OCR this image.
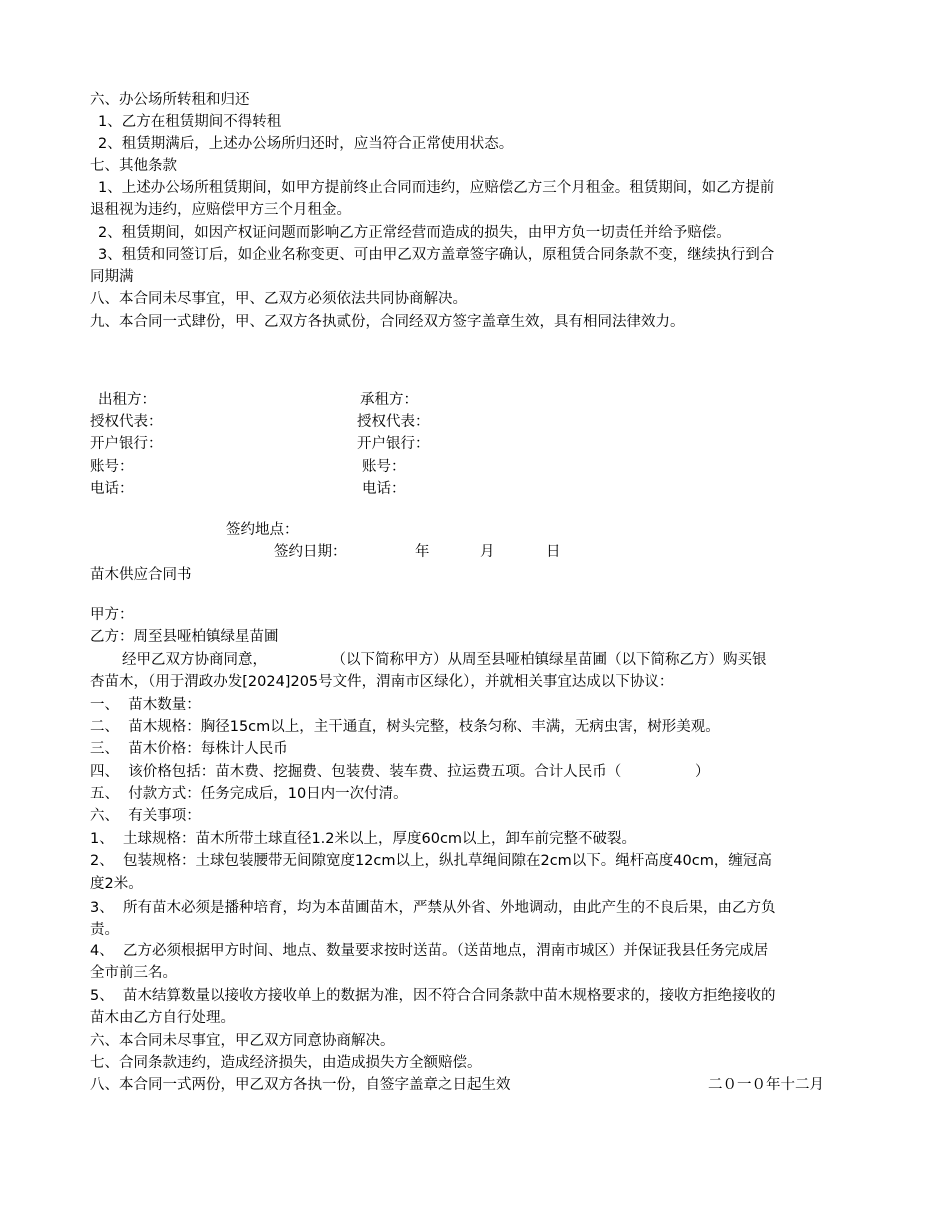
六、办公场所转租和归还
1、乙方在租赁期间不得转租
2、租赁期满后，上述办公场所归还时，应当符合正常使用状态。
七、其他条款
1、上述办公场所租赁期间，如甲方提前终止合同而违约，应赔偿乙方三个月租金。租赁期间，如乙方提前
退租视为违约，应赔偿甲方三个月租金。
2、租赁期间，如因产权证问题而影响乙方正常经营而造成的损失，由甲方负一切责任并给予赔偿。
3、租赁和同签订后，如企业名称变更、可由甲乙双方盖章签字确认，原租赁合同条款不变，继续执行到合
同期满
八、本合同未尽事宜，甲、乙双方必须依法共同协商解决。
九、本合同一式肆份，甲、乙双方各执贰份，合同经双方签字盖章生效，具有相同法律效力。
出租方：	承租方：
授权代表：	授权代表：
开户银行：	开户银行：
账号：	账号：
电话：	电话：
签约地点：
签约日期：	年	月	日
苗木供应合同书
甲方：
乙方：周至县哑柏镇绿星苗圃
经甲乙双方协商同意，              （以下简称甲方）从周至县哑柏镇绿星苗圃（以下简称乙方）购买银
杏苗木，（用于渭政办发[2024]205号文件，渭南市区绿化），并就相关事宜达成以下协议：
一、  苗木数量：
二、  苗木规格：胸径15cm以上，主干通直，树头完整，枝条匀称、丰满，无病虫害，树形美观。
三、  苗木价格：每株计人民币
四、  该价格包括：苗木费、挖掘费、包装费、装车费、拉运费五项。合计人民币（                ）
五、  付款方式：任务完成后，10日内一次付清。
六、  有关事项：
1、  土球规格：苗木所带土球直径1.2米以上，厚度60cm以上，卸车前完整不破裂。
2、  包装规格：土球包装腰带无间隙宽度12cm以上，纵扎草绳间隙在2cm以下。绳杆高度40cm，缠冠高
度2米。
3、  所有苗木必须是播种培育，均为本苗圃苗木，严禁从外省、外地调动，由此产生的不良后果，由乙方负
责。
4、  乙方必须根据甲方时间、地点、数量要求按时送苗。（送苗地点，渭南市城区）并保证我县任务完成居
全市前三名。
5、  苗木结算数量以接收方接收单上的数据为准，因不符合合同条款中苗木规格要求的，接收方拒绝接收的
苗木由乙方自行处理。
六、本合同未尽事宜，甲乙双方同意协商解决。
七、合同条款违约，造成经济损失，由造成损失方全额赔偿。
八、本合同一式两份，甲乙双方各执一份，自签字盖章之日起生效	二０一０年十二月
